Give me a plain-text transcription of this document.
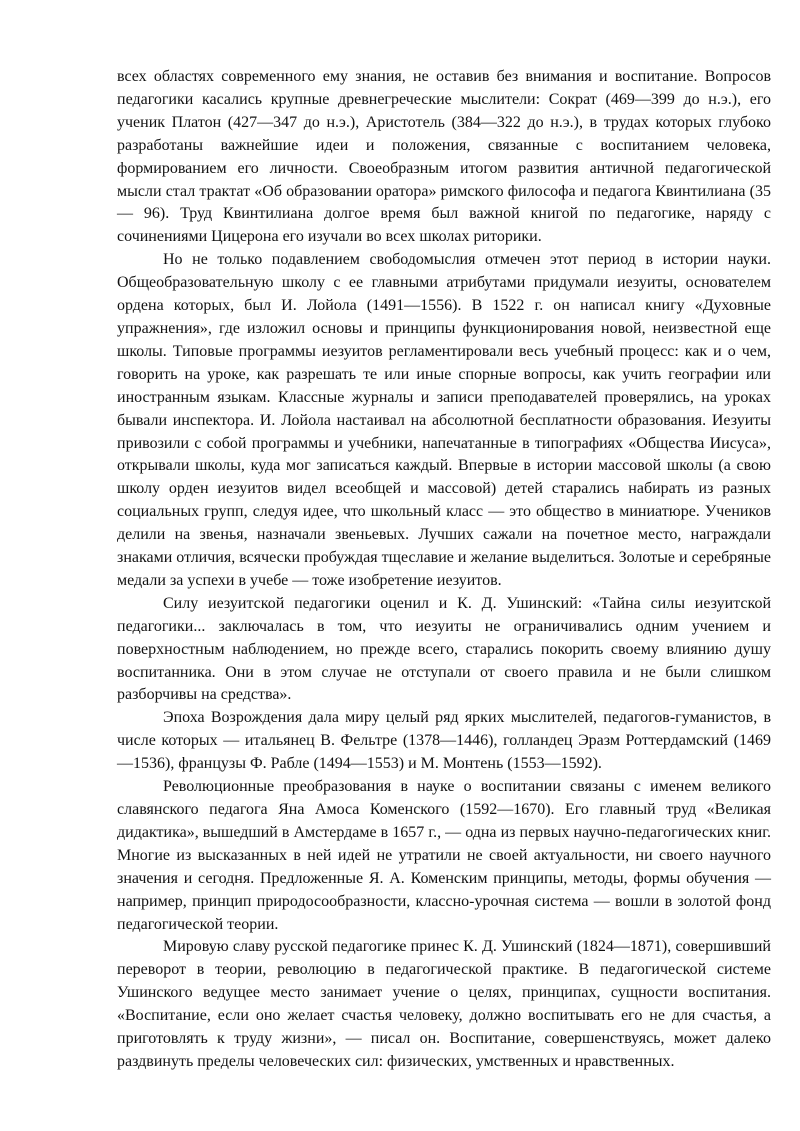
всех областях современного ему знания, не оставив без внимания и воспитание. Вопросов педагогики касались крупные древнегреческие мыслители: Сократ (469—399 до н.э.), его ученик Платон (427—347 до н.э.), Аристотель (384—322 до н.э.), в трудах которых глубоко разработаны важнейшие идеи и положения, связанные с воспитанием человека, формированием его личности. Своеобразным итогом развития античной педагогической мысли стал трактат «Об образовании оратора» римского философа и педагога Квинтилиана (35— 96). Труд Квинтилиана долгое время был важной книгой по педагогике, наряду с сочинениями Цицерона его изучали во всех школах риторики.

Но не только подавлением свободомыслия отмечен этот период в истории науки. Общеобразовательную школу с ее главными атрибутами придумали иезуиты, основателем ордена которых, был И. Лойола (1491—1556). В 1522 г. он написал книгу «Духовные упражнения», где изложил основы и принципы функционирования новой, неизвестной еще школы. Типовые программы иезуитов регламентировали весь учебный процесс: как и о чем, говорить на уроке, как разрешать те или иные спорные вопросы, как учить географии или иностранным языкам. Классные журналы и записи преподавателей проверялись, на уроках бывали инспектора. И. Лойола настаивал на абсолютной бесплатности образования. Иезуиты привозили с собой программы и учебники, напечатанные в типографиях «Общества Иисуса», открывали школы, куда мог записаться каждый. Впервые в истории массовой школы (а свою школу орден иезуитов видел всеобщей и массовой) детей старались набирать из разных социальных групп, следуя идее, что школьный класс — это общество в миниатюре. Учеников делили на звенья, назначали звеньевых. Лучших сажали на почетное место, награждали знаками отличия, всячески пробуждая тщеславие и желание выделиться. Золотые и серебряные медали за успехи в учебе — тоже изобретение иезуитов.

Силу иезуитской педагогики оценил и К. Д. Ушинский: «Тайна силы иезуитской педагогики... заключалась в том, что иезуиты не ограничивались одним учением и поверхностным наблюдением, но прежде всего, старались покорить своему влиянию душу воспитанника. Они в этом случае не отступали от своего правила и не были слишком разборчивы на средства».

Эпоха Возрождения дала миру целый ряд ярких мыслителей, педагогов-гуманистов, в числе которых — итальянец В. Фельтре (1378—1446), голландец Эразм Роттердамский (1469—1536), французы Ф. Рабле (1494—1553) и М. Монтень (1553—1592).

Революционные преобразования в науке о воспитании связаны с именем великого славянского педагога Яна Амоса Коменского (1592—1670). Его главный труд «Великая дидактика», вышедший в Амстердаме в 1657 г., — одна из первых научно-педагогических книг. Многие из высказанных в ней идей не утратили не своей актуальности, ни своего научного значения и сегодня. Предложенные Я. А. Коменским принципы, методы, формы обучения — например, принцип природосообразности, классно-урочная система — вошли в золотой фонд педагогической теории.

Мировую славу русской педагогике принес К. Д. Ушинский (1824—1871), совершивший переворот в теории, революцию в педагогической практике. В педагогической системе Ушинского ведущее место занимает учение о целях, принципах, сущности воспитания. «Воспитание, если оно желает счастья человеку, должно воспитывать его не для счастья, а приготовлять к труду жизни», — писал он. Воспитание, совершенствуясь, может далеко раздвинуть пределы человеческих сил: физических, умственных и нравственных.
